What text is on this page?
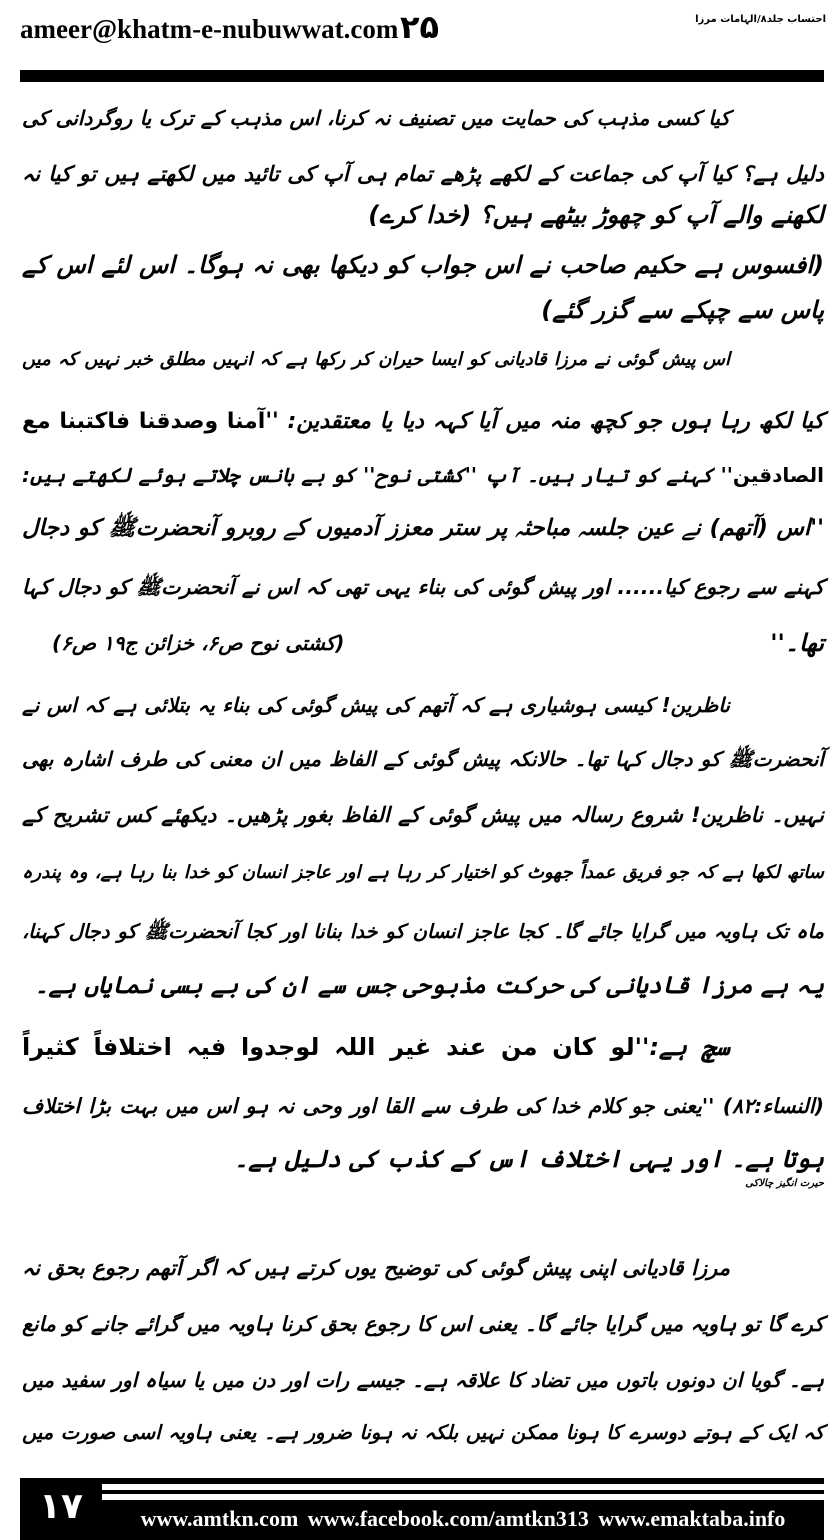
ameer@khatm-e-nubuwwat.com ۲۵	احتساب جلد۸/الہامات مرزا
کیا کسی مذہب کی حمایت میں تصنیف نہ کرنا، اس مذہب کے ترک یا روگردانی کی
دلیل ہے؟ کیا آپ کی جماعت کے لکھے پڑھے تمام ہی آپ کی تائید میں لکھتے ہیں تو کیا نہ
لکھنے والے آپ کو چھوڑ بیٹھے ہیں؟ (خدا کرے)
(افسوس ہے حکیم صاحب نے اس جواب کو دیکھا بھی نہ ہوگا۔ اس لئے اس کے
پاس سے چپکے سے گزر گئے)
اس پیش گوئی نے مرزا قادیانی کو ایسا حیران کر رکھا ہے کہ انہیں مطلق خبر نہیں کہ میں
کیا لکھ رہا ہوں جو کچھ منہ میں آیا کہہ دیا یا معتقدین: ''آمنا وصدقنا فاکتبنا مع
الصادقین'' کہنے کو تیار ہیں۔ آپ ''کشتی نوح'' کو بے بانس چلاتے ہوئے لکھتے ہیں:
''اس (آتھم) نے عین جلسہ مباحثہ پر ستر معزز آدمیوں کے روبرو آنحضرتﷺ کو دجال
کہنے سے رجوع کیا...... اور پیش گوئی کی بناء یہی تھی کہ اس نے آنحضرتﷺ کو دجال کہا
تھا۔''
(کشتی نوح ص۶، خزائن ج۱۹ ص۶)
ناظرین! کیسی ہوشیاری ہے کہ آتھم کی پیش گوئی کی بناء یہ بتلائی ہے کہ اس نے
آنحضرتﷺ کو دجال کہا تھا۔ حالانکہ پیش گوئی کے الفاظ میں ان معنی کی طرف اشارہ بھی
نہیں۔ ناظرین! شروع رسالہ میں پیش گوئی کے الفاظ بغور پڑھیں۔ دیکھئے کس تشریح کے
ساتھ لکھا ہے کہ جو فریق عمداً جھوٹ کو اختیار کر رہا ہے اور عاجز انسان کو خدا بنا رہا ہے، وہ پندرہ
ماہ تک ہاویہ میں گرایا جائے گا۔ کجا عاجز انسان کو خدا بنانا اور کجا آنحضرتﷺ کو دجال کہنا،
یہ ہے مرزا قادیانی کی حرکت مذبوحی جس سے ان کی بے بسی نمایاں ہے۔
سچ ہے:''لو کان من عند غیر اللہ لوجدوا فیہ اختلافاً کثیراً
(النساء:۸۲) ''یعنی جو کلام خدا کی طرف سے القا اور وحی نہ ہو اس میں بہت بڑا اختلاف
ہوتا ہے۔ اور یہی اختلاف اس کے کذب کی دلیل ہے۔
حیرت انگیز چالاکی
مرزا قادیانی اپنی پیش گوئی کی توضیح یوں کرتے ہیں کہ اگر آتھم رجوع بحق نہ
کرے گا تو ہاویہ میں گرایا جائے گا۔ یعنی اس کا رجوع بحق کرنا ہاویہ میں گرائے جانے کو مانع
ہے۔ گویا ان دونوں باتوں میں تضاد کا علاقہ ہے۔ جیسے رات اور دن میں یا سیاہ اور سفید میں
کہ ایک کے ہوتے دوسرے کا ہونا ممکن نہیں بلکہ نہ ہونا ضرور ہے۔ یعنی ہاویہ اسی صورت میں
۱۷	www.amtkn.com www.facebook.com/amtkn313 www.emaktaba.info
